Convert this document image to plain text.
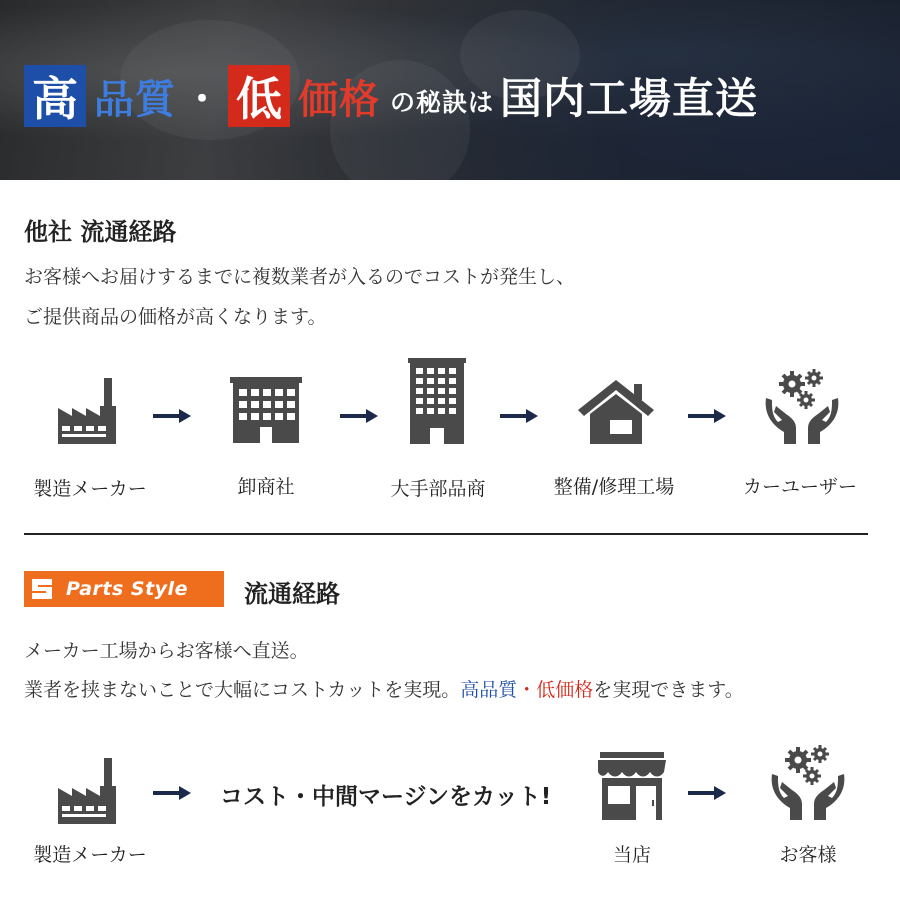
高 品質 ・ 低 価格 の秘訣は 国内工場直送
他社 流通経路
お客様へお届けするまでに複数業者が入るのでコストが発生し、
ご提供商品の価格が高くなります。
製造メーカー	卸商社	大手部品商	整備/修理工場	カーユーザー
Parts Style 流通経路
メーカー工場からお客様へ直送。
業者を挟まないことで大幅にコストカットを実現。高品質・低価格を実現できます。
コスト・中間マージンをカット!
製造メーカー	当店	お客様
